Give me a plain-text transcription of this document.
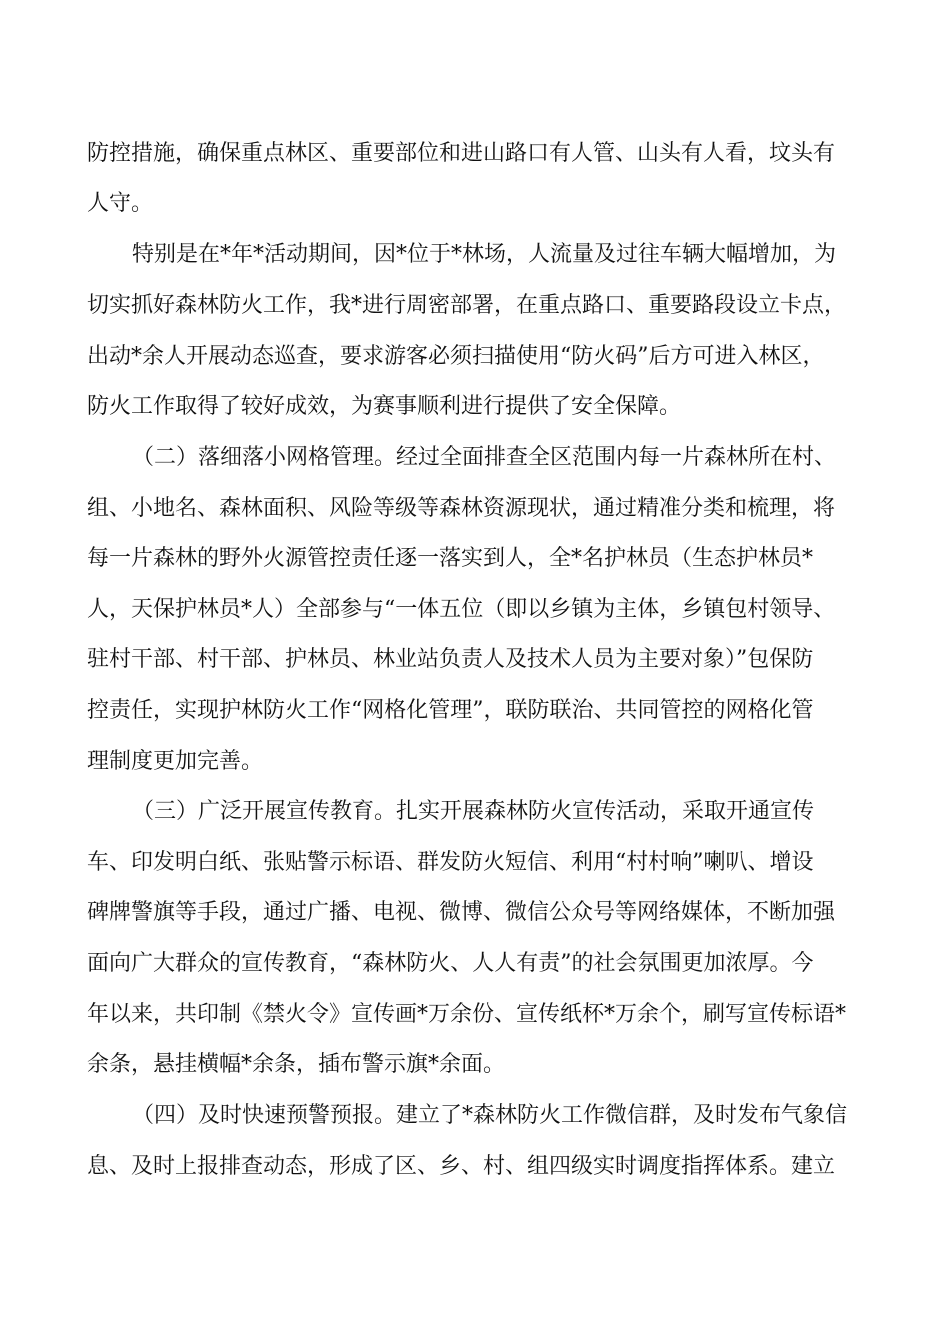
防控措施，确保重点林区、重要部位和进山路口有人管、山头有人看，坟头有
人守。
特别是在*年*活动期间，因*位于*林场，人流量及过往车辆大幅增加，为
切实抓好森林防火工作，我*进行周密部署，在重点路口、重要路段设立卡点，
出动*余人开展动态巡查，要求游客必须扫描使用“防火码”后方可进入林区，
防火工作取得了较好成效，为赛事顺利进行提供了安全保障。
（二）落细落小网格管理。经过全面排查全区范围内每一片森林所在村、
组、小地名、森林面积、风险等级等森林资源现状，通过精准分类和梳理，将
每一片森林的野外火源管控责任逐一落实到人，全*名护林员（生态护林员*
人，天保护林员*人）全部参与“一体五位（即以乡镇为主体，乡镇包村领导、
驻村干部、村干部、护林员、林业站负责人及技术人员为主要对象）”包保防
控责任，实现护林防火工作“网格化管理”，联防联治、共同管控的网格化管
理制度更加完善。
（三）广泛开展宣传教育。扎实开展森林防火宣传活动，采取开通宣传
车、印发明白纸、张贴警示标语、群发防火短信、利用“村村响”喇叭、增设
碑牌警旗等手段，通过广播、电视、微博、微信公众号等网络媒体，不断加强
面向广大群众的宣传教育，“森林防火、人人有责”的社会氛围更加浓厚。今
年以来，共印制《禁火令》宣传画*万余份、宣传纸杯*万余个，刷写宣传标语*
余条，悬挂横幅*余条，插布警示旗*余面。
（四）及时快速预警预报。建立了*森林防火工作微信群，及时发布气象信
息、及时上报排查动态，形成了区、乡、村、组四级实时调度指挥体系。建立
